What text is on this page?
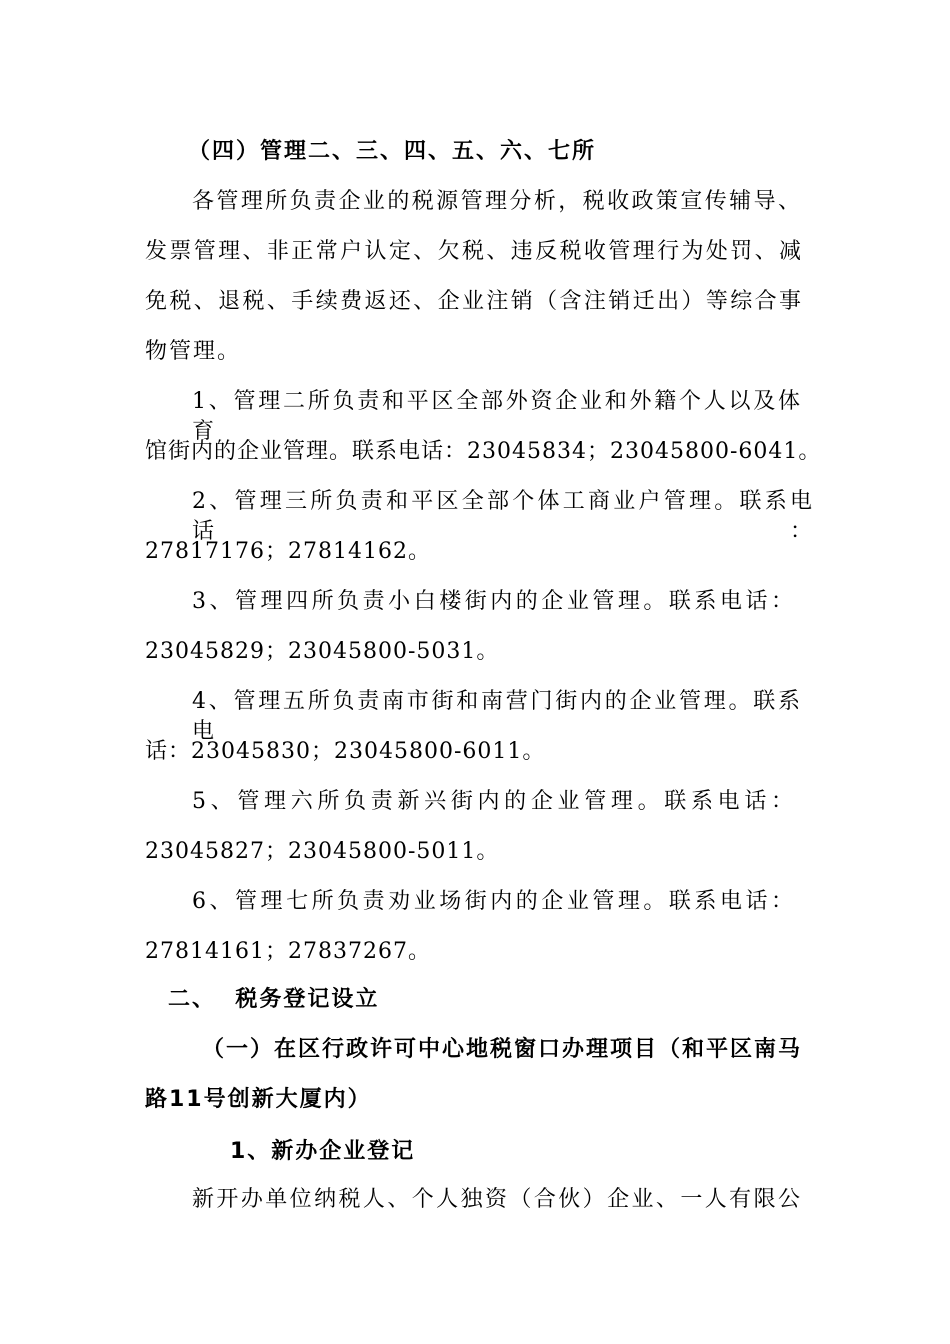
（四）管理二、三、四、五、六、七所
各管理所负责企业的税源管理分析，税收政策宣传辅导、
发票管理、非正常户认定、欠税、违反税收管理行为处罚、减
免税、退税、手续费返还、企业注销（含注销迁出）等综合事
物管理。
1、管理二所负责和平区全部外资企业和外籍个人以及体育
馆街内的企业管理。联系电话：23045834；23045800-6041。
2、管理三所负责和平区全部个体工商业户管理。联系电话：
27817176；27814162。
3、管理四所负责小白楼街内的企业管理。联系电话：
23045829；23045800-5031。
4、管理五所负责南市街和南营门街内的企业管理。联系电
话：23045830；23045800-6011。
5、管理六所负责新兴街内的企业管理。联系电话：
23045827；23045800-5011。
6、管理七所负责劝业场街内的企业管理。联系电话：
27814161；27837267。
二、  税务登记设立
（一）在区行政许可中心地税窗口办理项目（和平区南马
路11号创新大厦内）
1、新办企业登记
新开办单位纳税人、个人独资（合伙）企业、一人有限公
